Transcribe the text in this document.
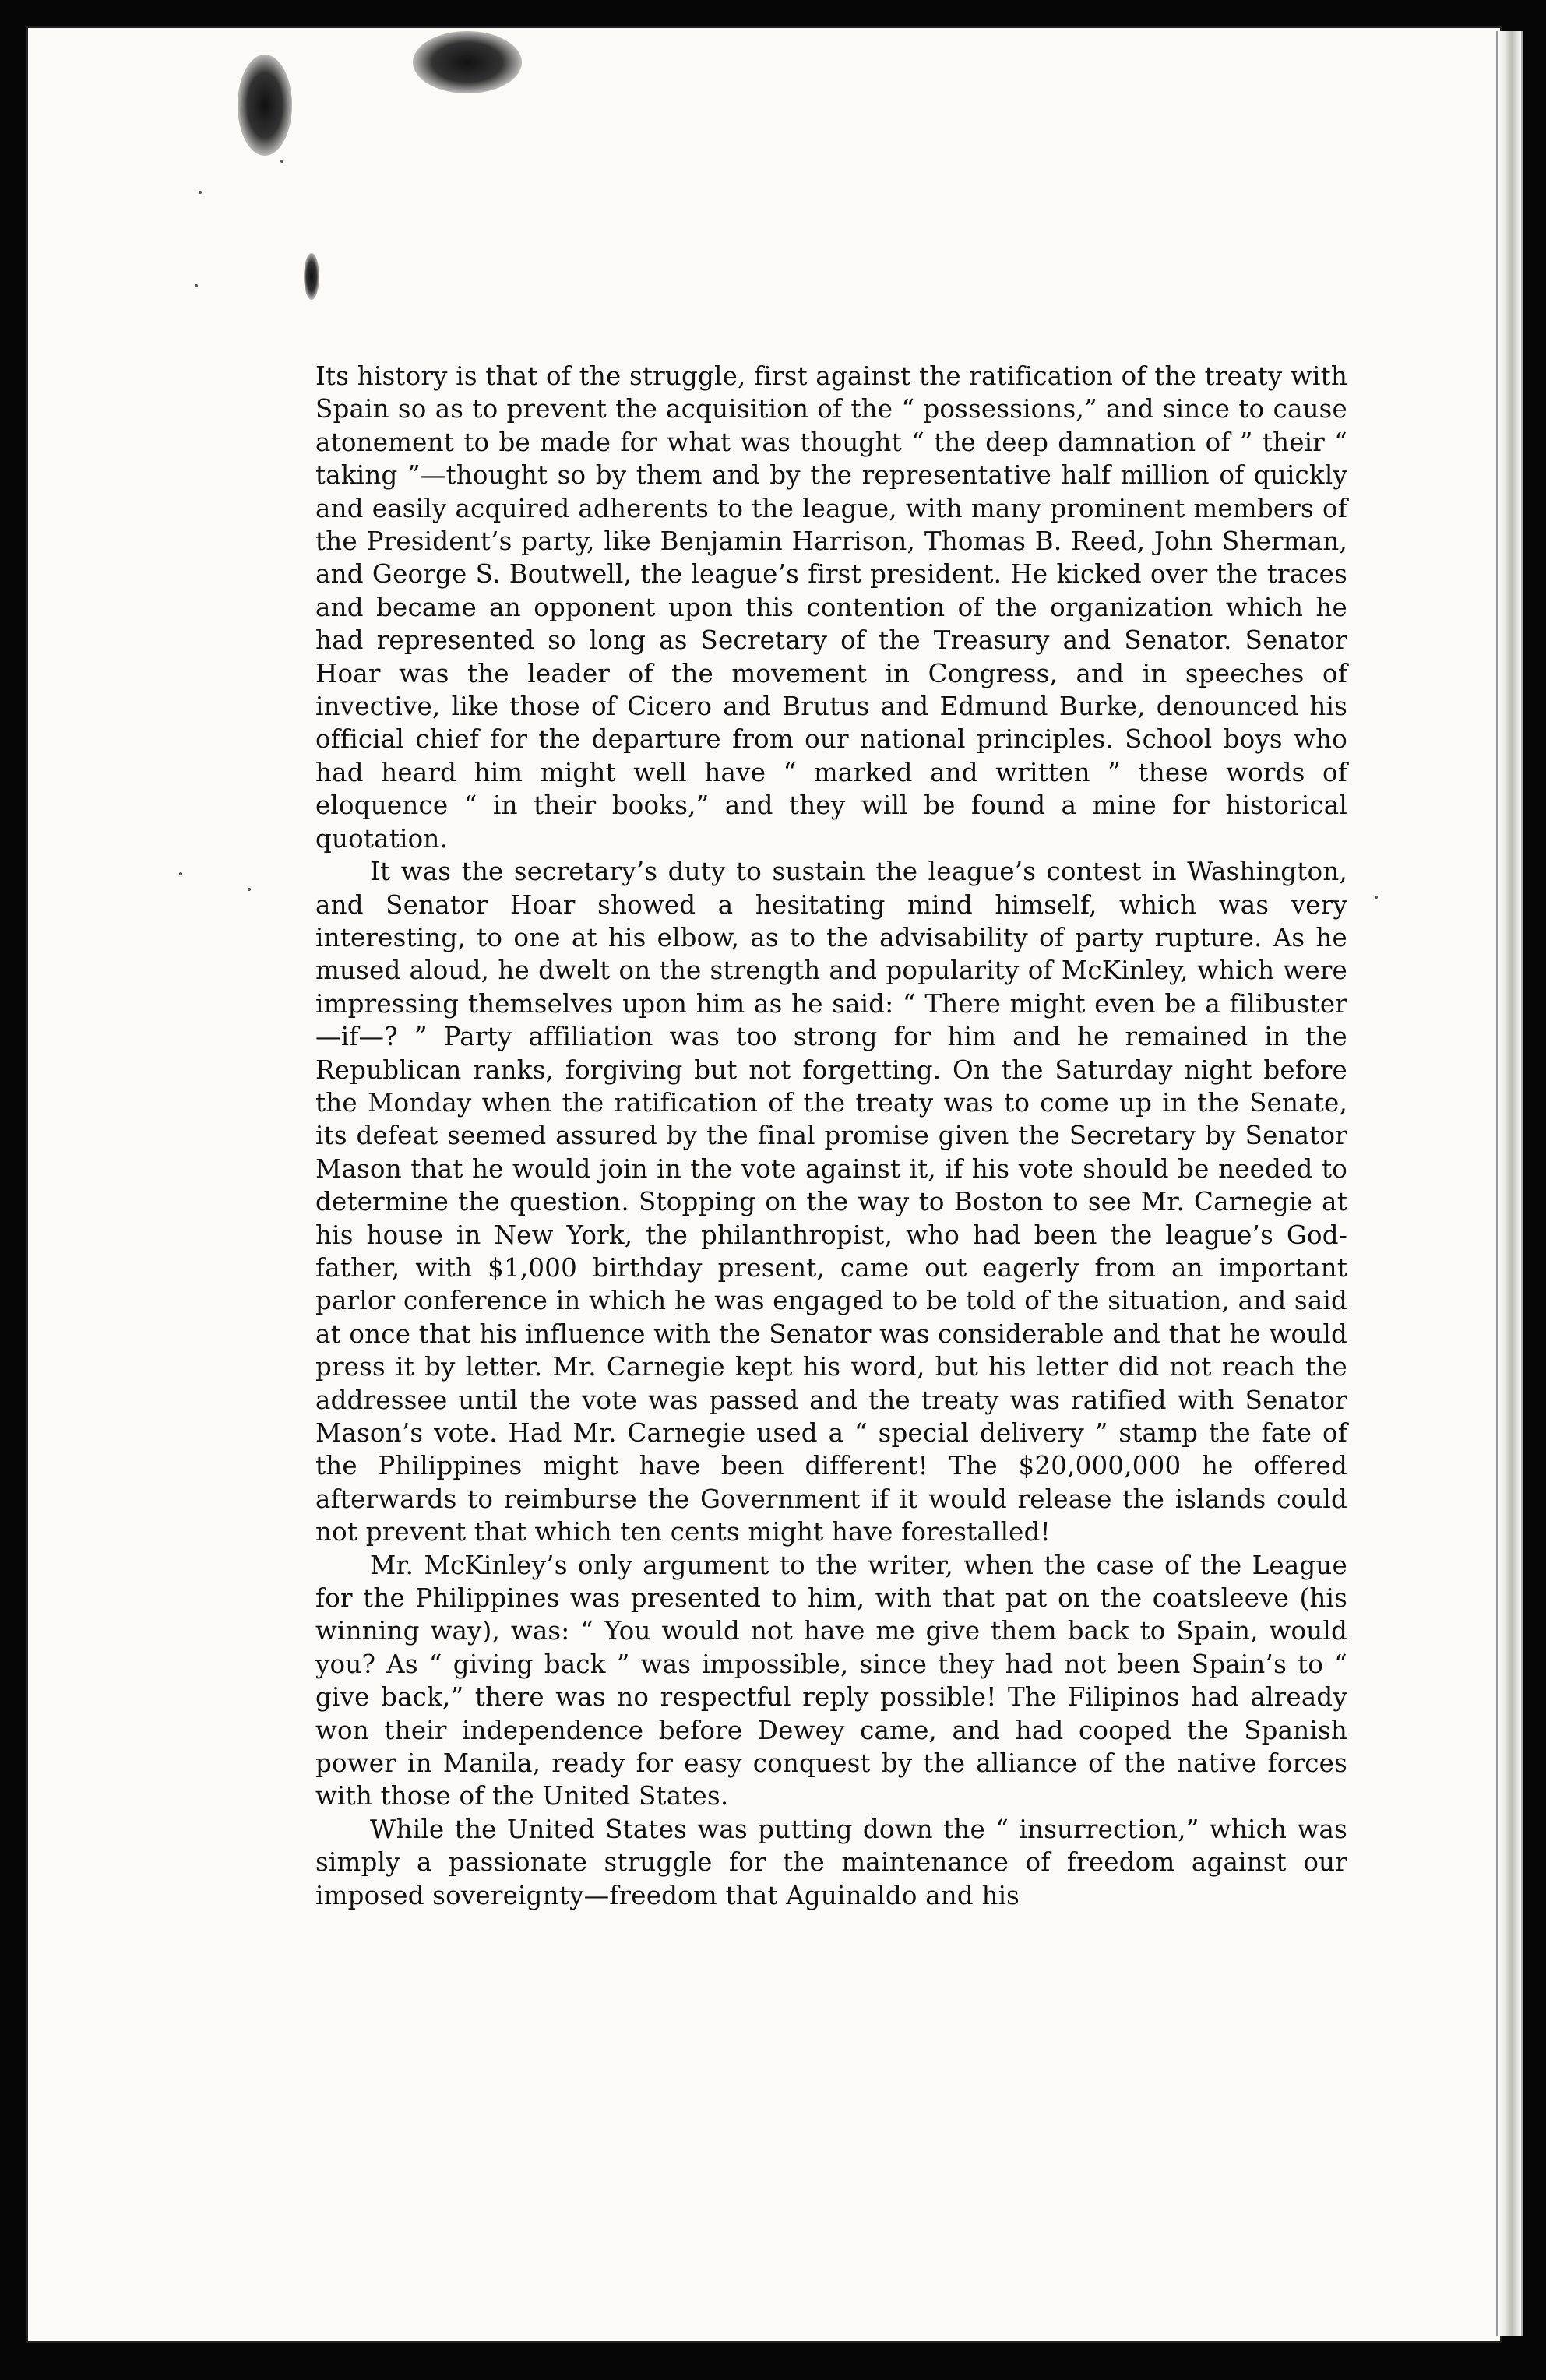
Its history is that of the struggle, first against the ratification of the treaty with Spain so as to prevent the acquisition of the “ possessions,” and since to cause atonement to be made for what was thought “ the deep damnation of ” their “ taking ”—thought so by them and by the representative half million of quickly and easily acquired adherents to the league, with many prominent members of the President’s party, like Benjamin Harrison, Thomas B. Reed, John Sherman, and George S. Boutwell, the league’s first president. He kicked over the traces and became an opponent upon this contention of the organization which he had represented so long as Secretary of the Treasury and Senator. Senator Hoar was the leader of the movement in Congress, and in speeches of invective, like those of Cicero and Brutus and Edmund Burke, denounced his official chief for the departure from our national principles. School boys who had heard him might well have “ marked and written ” these words of eloquence “ in their books,” and they will be found a mine for historical quotation.

It was the secretary’s duty to sustain the league’s contest in Washington, and Senator Hoar showed a hesitating mind himself, which was very interesting, to one at his elbow, as to the advisability of party rupture. As he mused aloud, he dwelt on the strength and popularity of McKinley, which were impressing themselves upon him as he said: “ There might even be a filibuster—if—? ” Party affiliation was too strong for him and he remained in the Republican ranks, forgiving but not forgetting. On the Saturday night before the Monday when the ratification of the treaty was to come up in the Senate, its defeat seemed assured by the final promise given the Secretary by Senator Mason that he would join in the vote against it, if his vote should be needed to determine the question. Stopping on the way to Boston to see Mr. Carnegie at his house in New York, the philanthropist, who had been the league’s God-father, with $1,000 birthday present, came out eagerly from an important parlor conference in which he was engaged to be told of the situation, and said at once that his influence with the Senator was considerable and that he would press it by letter. Mr. Carnegie kept his word, but his letter did not reach the addressee until the vote was passed and the treaty was ratified with Senator Mason’s vote. Had Mr. Carnegie used a “ special delivery ” stamp the fate of the Philippines might have been different! The $20,000,000 he offered afterwards to reimburse the Government if it would release the islands could not prevent that which ten cents might have forestalled!

Mr. McKinley’s only argument to the writer, when the case of the League for the Philippines was presented to him, with that pat on the coatsleeve (his winning way), was: “ You would not have me give them back to Spain, would you? As “ giving back ” was impossible, since they had not been Spain’s to “ give back,” there was no respectful reply possible! The Filipinos had already won their independence before Dewey came, and had cooped the Spanish power in Manila, ready for easy conquest by the alliance of the native forces with those of the United States.

While the United States was putting down the “ insurrection,” which was simply a passionate struggle for the maintenance of freedom against our imposed sovereignty—freedom that Aguinaldo and his
